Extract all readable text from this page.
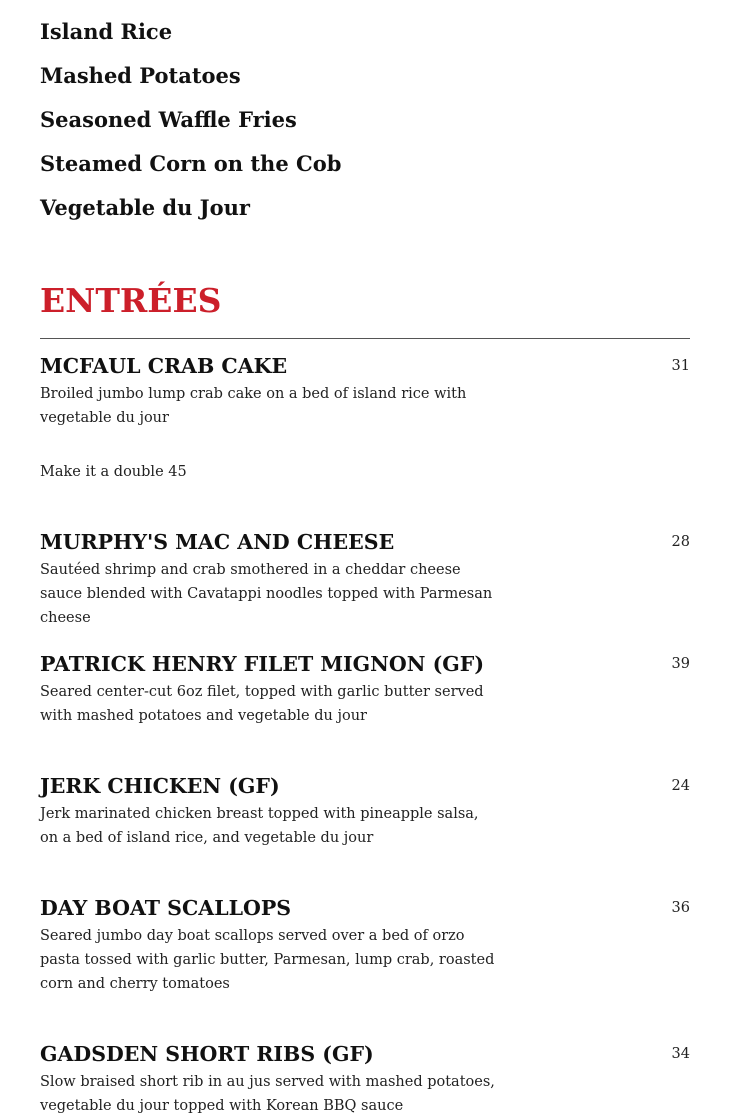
Island Rice
Mashed Potatoes
Seasoned Waffle Fries
Steamed Corn on the Cob
Vegetable du Jour
ENTRÉES
MCFAUL CRAB CAKE	31
Broiled jumbo lump crab cake on a bed of island rice with vegetable du jour
Make it a double 45
MURPHY'S MAC AND CHEESE	28
Sautéed shrimp and crab smothered in a cheddar cheese sauce blended with Cavatappi noodles topped with Parmesan cheese
PATRICK HENRY FILET MIGNON (GF)	39
Seared center-cut 6oz filet, topped with garlic butter served with mashed potatoes and vegetable du jour
JERK CHICKEN (GF)	24
Jerk marinated chicken breast topped with pineapple salsa, on a bed of island rice, and vegetable du jour
DAY BOAT SCALLOPS	36
Seared jumbo day boat scallops served over a bed of orzo pasta tossed with garlic butter, Parmesan, lump crab, roasted corn and cherry tomatoes
GADSDEN SHORT RIBS (GF)	34
Slow braised short rib in au jus served with mashed potatoes, vegetable du jour topped with Korean BBQ sauce
